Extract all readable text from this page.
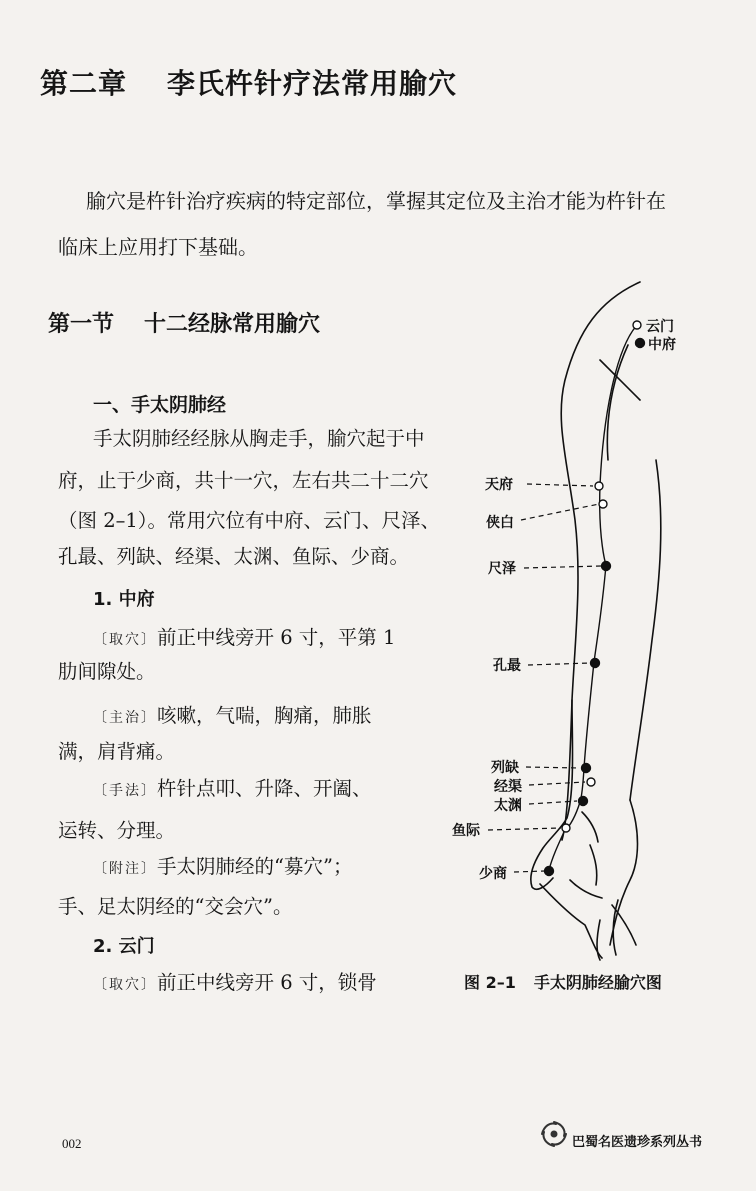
第二章 李氏杵针疗法常用腧穴

腧穴是杵针治疗疾病的特定部位，掌握其定位及主治才能为杵针在

临床上应用打下基础。

第一节 十二经脉常用腧穴
一、手太阴肺经
手太阴肺经经脉从胸走手，腧穴起于中
府，止于少商，共十一穴，左右共二十二穴
（图 2–1）。常用穴位有中府、云门、尺泽、
孔最、列缺、经渠、太渊、鱼际、少商。
1. 中府
〔取穴〕前正中线旁开 6 寸，平第 1
肋间隙处。
〔主治〕咳嗽，气喘，胸痛，肺胀
满，肩背痛。
〔手法〕杵针点叩、升降、开阖、
运转、分理。
〔附注〕手太阴肺经的“募穴”；
手、足太阴经的“交会穴”。
2. 云门
〔取穴〕前正中线旁开 6 寸，锁骨
云门
中府
天府
侠白
尺泽
孔最
列缺
经渠
太渊
鱼际
少商
图 2–1 手太阴肺经腧穴图
002	巴蜀名医遗珍系列丛书
